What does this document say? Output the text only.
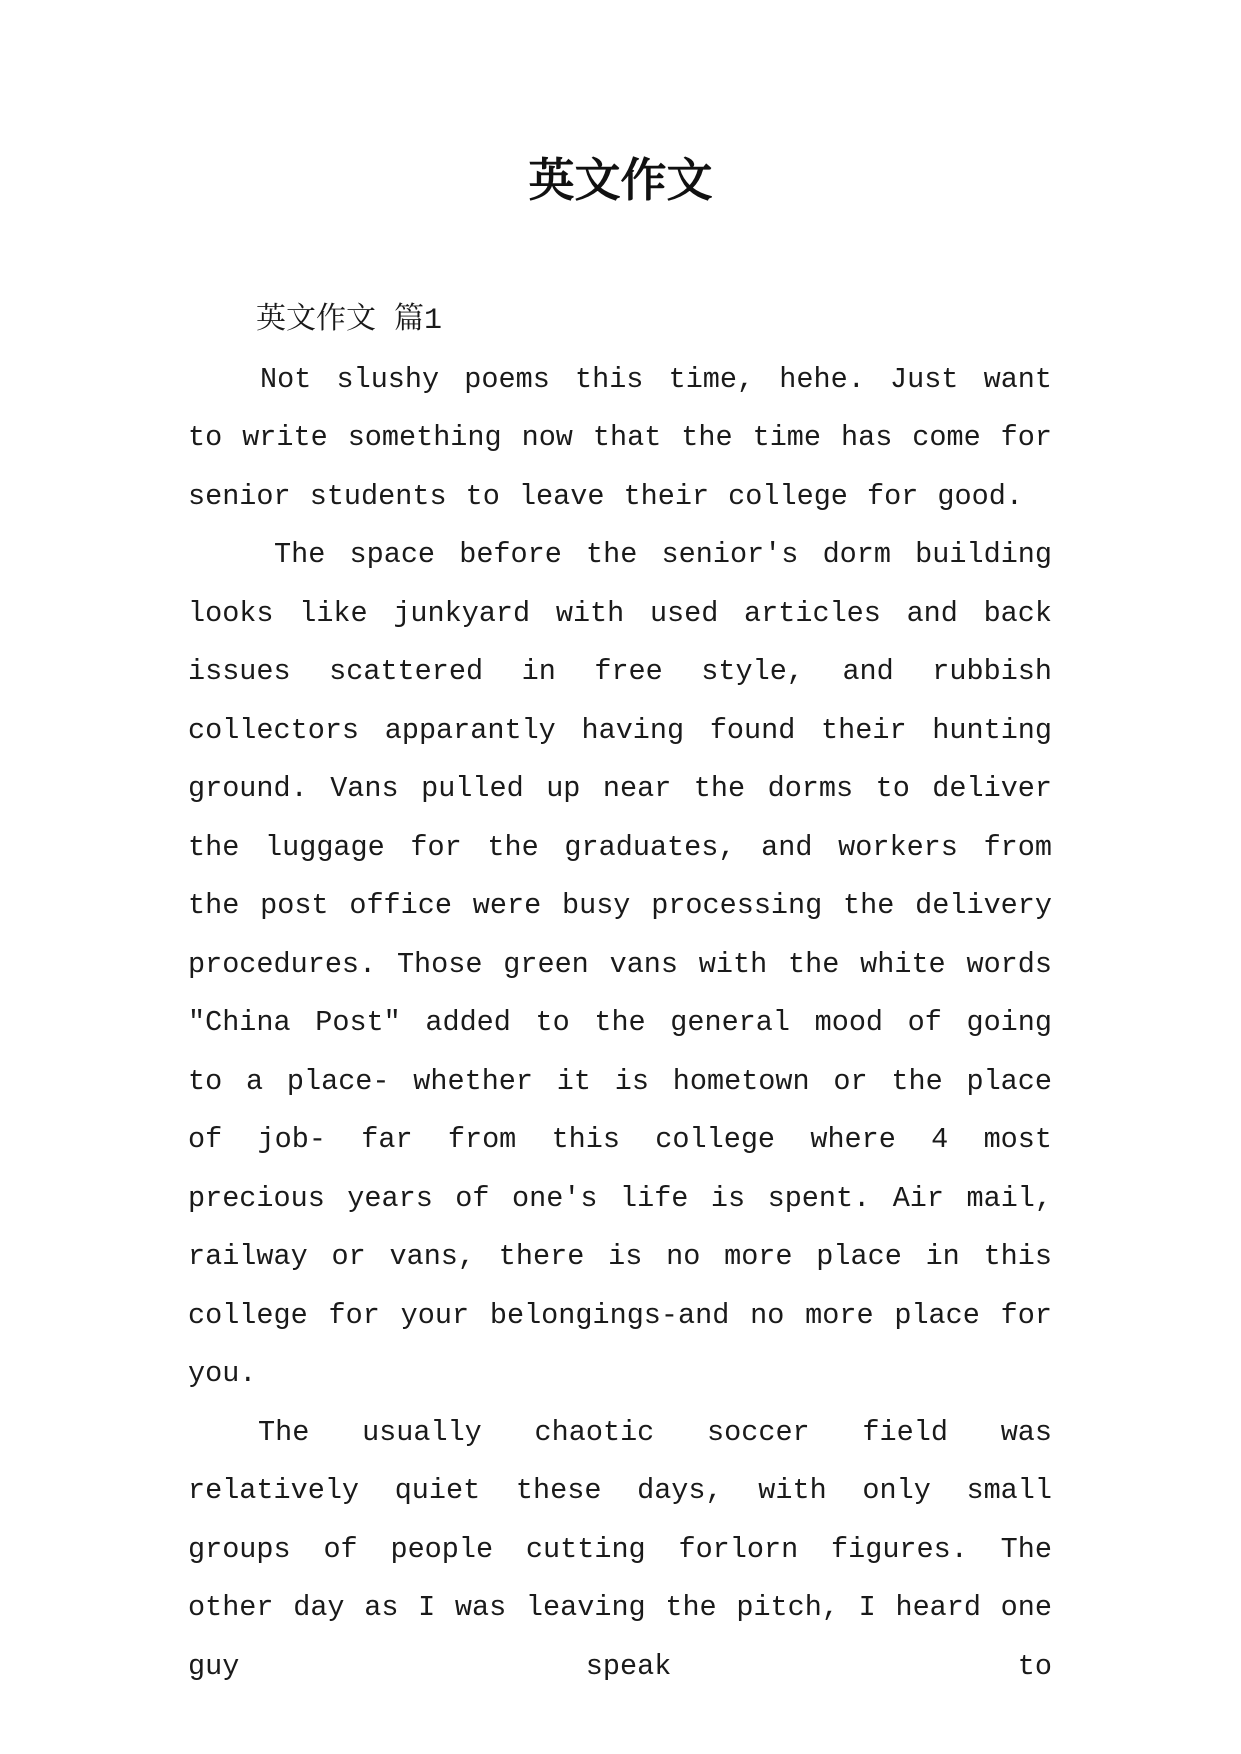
英文作文
英文作文 篇1

Not slushy poems this time, hehe. Just want to write something now that the time has come for senior students to leave their college for good.

The space before the senior's dorm building looks like junkyard with used articles and back issues scattered in free style, and rubbish collectors apparantly having found their hunting ground. Vans pulled up near the dorms to deliver the luggage for the graduates, and workers from the post office were busy processing the delivery procedures. Those green vans with the white words "China Post" added to the general mood of going to a place- whether it is hometown or the place of job- far from this college where 4 most precious years of one's life is spent. Air mail, railway or vans, there is no more place in this college for your belongings-and no more place for you.

The usually chaotic soccer field was relatively quiet these days, with only small groups of people cutting forlorn figures. The other day as I was leaving the pitch, I heard one guy speak to
